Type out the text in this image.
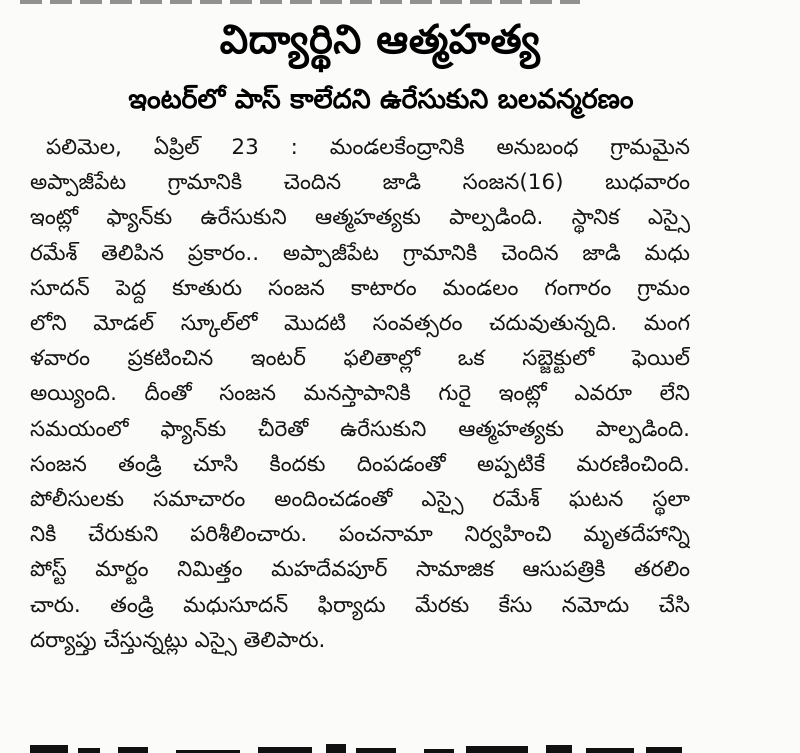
విద్యార్థిని ఆత్మహత్య
ఇంటర్‌లో పాస్ కాలేదని ఉరేసుకుని బలవన్మరణం
పలిమెల, ఏప్రిల్ 23 : మండలకేంద్రానికి అనుబంధ గ్రామమైన
అప్పాజీపేట గ్రామానికి చెందిన జాడి సంజన(16) బుధవారం
ఇంట్లో ఫ్యాన్‌కు ఉరేసుకుని ఆత్మహత్యకు పాల్పడింది. స్థానిక ఎస్సై
రమేశ్ తెలిపిన ప్రకారం.. అప్పాజీపేట గ్రామానికి చెందిన జాడి మధు
సూదన్ పెద్ద కూతురు సంజన కాటారం మండలం గంగారం గ్రామం
లోని మోడల్ స్కూల్‌లో మొదటి సంవత్సరం చదువుతున్నది. మంగ
ళవారం ప్రకటించిన ఇంటర్ ఫలితాల్లో ఒక సబ్జెక్టులో ఫెయిల్
అయ్యింది. దీంతో సంజన మనస్తాపానికి గురై ఇంట్లో ఎవరూ లేని
సమయంలో ఫ్యాన్‌కు చీరెతో ఉరేసుకుని ఆత్మహత్యకు పాల్పడింది.
సంజన తండ్రి చూసి కిందకు దింపడంతో అప్పటికే మరణించింది.
పోలీసులకు సమాచారం అందించడంతో ఎస్సై రమేశ్ ఘటన స్థలా
నికి చేరుకుని పరిశీలించారు. పంచనామా నిర్వహించి మృతదేహాన్ని
పోస్ట్ మార్టం నిమిత్తం మహదేవపూర్ సామాజిక ఆసుపత్రికి తరలిం
చారు. తండ్రి మధుసూదన్ ఫిర్యాదు మేరకు కేసు నమోదు చేసి
దర్యాప్తు చేస్తున్నట్లు ఎస్సై తెలిపారు.
